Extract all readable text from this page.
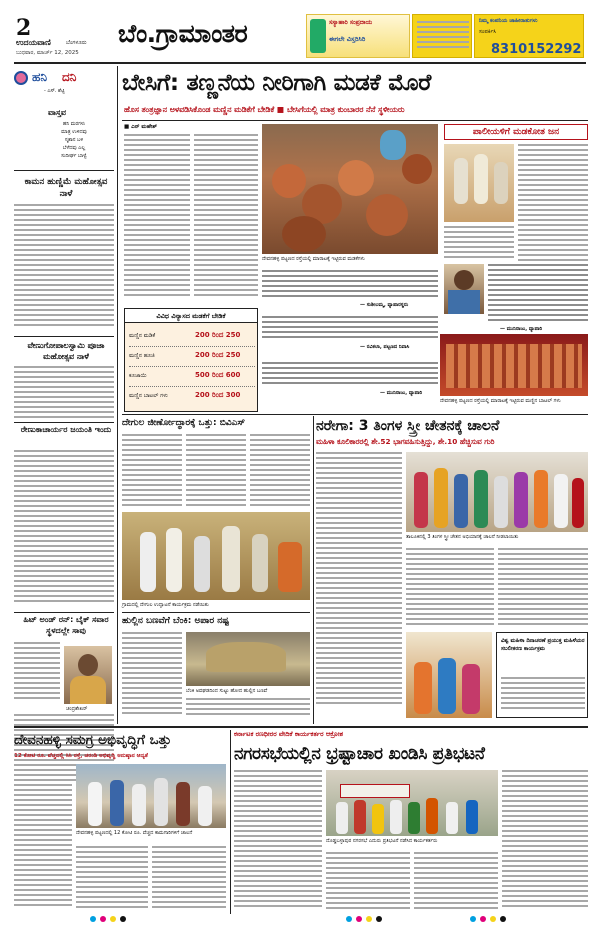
2
ಉದಯವಾಣಿ	ಬೆಂಗಳೂರು
ಬುಧವಾರ, ಮಾರ್ಚ್ 12, 2025
ಬೆಂ.ಗ್ರಾಮಾಂತರ	ಸಸ್ಯಾಹಾರಿ ಸಂಪ್ರದಾಯ
ಈಗಲೇ ವಿಸ್ತರಿಸಿರಿ
ನಿಮ್ಮ ಕಂಪನಿಯ ಜಾಹೀರಾತುಗಳು
ಸಂಪರ್ಕಿಸಿ
8310152292
ಹನಿ ದನಿ
- ಎಸ್. ಶೆಟ್ಟಿ
ವಾಸ್ತವ
ಹನಿ ಮರಗಳು
ಮಾತ್ರ ಉಳಿದವು
ಸ್ಮಶಾನ ಬಳಿ
ಬೆಳೆದವು ಎಲ್ಲ
ಸುದೀರ್ಘ ಬಾಳ್ವೆ
ಕಾಮನ ಹುಣ್ಣಿಮೆ ಮಹೋತ್ಸವ ನಾಳೆ
ವೇಣುಗೋಪಾಲಸ್ವಾಮಿ ಪೂಜಾ ಮಹೋತ್ಸವ ನಾಳೆ
ರೇಣುಕಾಚಾರ್ಯರ ಜಯಂತಿ ಇಂದು
ಹಿಟ್ ಅಂಡ್ ರನ್: ಬೈಕ್ ಸವಾರ ಸ್ಥಳದಲ್ಲೇ ಸಾವು
ಚಂದ್ರಶೇಖರ್
ಬೇಸಿಗೆ: ತಣ್ಣನೆಯ ನೀರಿಗಾಗಿ ಮಡಕೆ ಮೊರೆ
ಹೊಸ ತಂತ್ರಜ್ಞಾನ ಅಳವಡಿಸಿಕೊಂಡ ಮಣ್ಣಿನ ಮಡಿಕೆಗೆ ಬೇಡಿಕೆ ■ ಬೇಸಿಗೆಯಲ್ಲಿ ಮಾತ್ರ ಕುಂಬಾರರ ನೆನೆ ಸ್ಥಳೀಯರು
■ ಎನ್ ಮಹೇಶ್
ದೇವನಹಳ್ಳಿ ಪಟ್ಟಣದ ರಸ್ತೆಯಲ್ಲಿ ಮಾರಾಟಕ್ಕೆ ಇಟ್ಟಿರುವ ಮಡಕೆಗಳು
ಪಾಲೀಯಳಿಗೆ ಮಡಕೋತ ಜನ
— ಸುಶೀಲಮ್ಮ, ವ್ಯಾಪಾರಸ್ಥರು
— ಮುನಿರಾಜು, ವ್ಯಾಪಾರಿ
ವಿವಿಧ ವಿನ್ಯಾಸದ ಮಡಕೆಗೆ ಬೇಡಿಕೆ
ಮಣ್ಣಿನ ಮಡಿಕೆ	200 ರಿಂದ 250
ಮಣ್ಣಿನ ಹೂಜಿ	200 ರಿಂದ 250
ಕೂಜಾಯಿ	500 ರಿಂದ 600
ಮಣ್ಣಿನ ಬಾಟಲ್ ಗಳು	200 ರಿಂದ 300
— ರವಿಕಲಾ, ಪಟ್ಟಣದ ನಿವಾಸಿ
ದೇವನಹಳ್ಳಿ ಪಟ್ಟಣದ ರಸ್ತೆಯಲ್ಲಿ ಮಾರಾಟಕ್ಕೆ ಇಟ್ಟಿರುವ ಮಣ್ಣಿನ ಬಾಟಲ್ ಗಳು
— ಮುನಿರಾಜು, ವ್ಯಾಪಾರಿ
ದೇಗುಲ ಜೀರ್ಣೋದ್ಧಾರಕ್ಕೆ ಒತ್ತು: ಬಿವಿಎಸ್
ಗ್ರಾಮದಲ್ಲಿ ದೇಗುಲ ಉದ್ಘಾಟನೆ ಕಾರ್ಯಕ್ರಮ ನಡೆಯಿತು
ಹುಲ್ಲಿನ ಬಣವೆಗೆ ಬೆಂಕಿ: ಅಪಾರ ನಷ್ಟ
ಬೆಂಕಿ ಅವಘಡದಿಂದ ಸುಟ್ಟು ಹೋದ ಹುಲ್ಲಿನ ಬಣವೆ
ನರೇಗಾ: 3 ತಿಂಗಳ ಸ್ತ್ರೀ ಚೇತನಕ್ಕೆ ಚಾಲನೆ
ಮಹಿಳಾ ಕೂಲಿಕಾರರಲ್ಲಿ ಶೇ.52 ಭಾಗವಹಿಸುತ್ತಿದ್ದು, ಶೇ.10 ಹೆಚ್ಚಿಸುವ ಗುರಿ
ತಾಲೂಕಿನಲ್ಲಿ 3 ತಿಂಗಳ ಸ್ತ್ರೀ ಚೇತನ ಅಭಿಯಾನಕ್ಕೆ ಚಾಲನೆ ನೀಡಲಾಯಿತು
ವಿಶ್ವ ಮಹಿಳಾ ದಿನಾಚರಣೆ ಪ್ರಯುಕ್ತ ಮಹಿಳೆಯರ ಸಬಲೀಕರಣ ಕಾರ್ಯಕ್ರಮ
ದೇವನಹಳ್ಳಿ ಸಮಗ್ರ ಅಭಿವೃದ್ಧಿಗೆ ಒತ್ತು
12 ಕೋಟಿ ರೂ. ವೆಚ್ಚದಲ್ಲಿ ಸಿಸಿ ರಸ್ತೆ, ಚರಂಡಿ ಅಭಿವೃದ್ಧಿ ಅನುಷ್ಠಾನ ಆದ್ಯತೆ
ದೇವನಹಳ್ಳಿ ಪಟ್ಟಣದಲ್ಲಿ 12 ಕೋಟಿ ರೂ. ವೆಚ್ಚದ ಕಾಮಗಾರಿಗಳಿಗೆ ಚಾಲನೆ
ಕರ್ನಾಟಕ ರಣಧೀರರ ವೇದಿಕೆ ಕಾರ್ಯಕರ್ತರ ಆಕ್ರೋಶ
ನಗರಸಭೆಯಲ್ಲಿನ ಭ್ರಷ್ಟಾಚಾರ ಖಂಡಿಸಿ ಪ್ರತಿಭಟನೆ
ದೊಡ್ಡಬಳ್ಳಾಪುರ ನಗರಸಭೆ ಎದುರು ಪ್ರತಿಭಟನೆ ನಡೆಸಿದ ಕಾರ್ಯಕರ್ತರು
